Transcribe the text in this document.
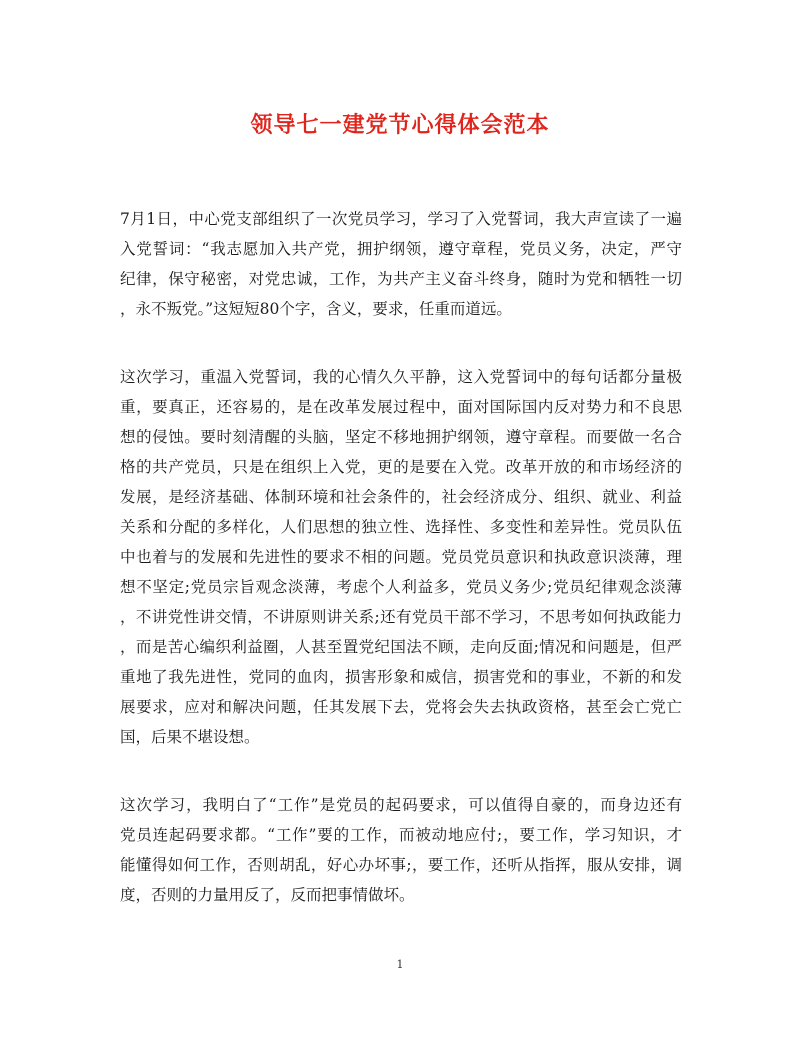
领导七一建党节心得体会范本
7月1日，中心党支部组织了一次党员学习，学习了入党誓词，我大声宣读了一遍
入党誓词：“我志愿加入共产党，拥护纲领，遵守章程，党员义务，决定，严守
纪律，保守秘密，对党忠诚，工作，为共产主义奋斗终身，随时为党和牺牲一切
，永不叛党。”这短短80个字，含义，要求，任重而道远。
这次学习，重温入党誓词，我的心情久久平静，这入党誓词中的每句话都分量极
重，要真正，还容易的，是在改革发展过程中，面对国际国内反对势力和不良思
想的侵蚀。要时刻清醒的头脑，坚定不移地拥护纲领，遵守章程。而要做一名合
格的共产党员，只是在组织上入党，更的是要在入党。改革开放的和市场经济的
发展，是经济基础、体制环境和社会条件的，社会经济成分、组织、就业、利益
关系和分配的多样化，人们思想的独立性、选择性、多变性和差异性。党员队伍
中也着与的发展和先进性的要求不相的问题。党员党员意识和执政意识淡薄，理
想不坚定;党员宗旨观念淡薄，考虑个人利益多，党员义务少;党员纪律观念淡薄
，不讲党性讲交情，不讲原则讲关系;还有党员干部不学习，不思考如何执政能力
，而是苦心编织利益圈，人甚至置党纪国法不顾，走向反面;情况和问题是，但严
重地了我先进性，党同的血肉，损害形象和威信，损害党和的事业，不新的和发
展要求，应对和解决问题，任其发展下去，党将会失去执政资格，甚至会亡党亡
国，后果不堪设想。
这次学习，我明白了“工作”是党员的起码要求，可以值得自豪的，而身边还有
党员连起码要求都。“工作”要的工作，而被动地应付;，要工作，学习知识，才
能懂得如何工作，否则胡乱，好心办坏事;，要工作，还听从指挥，服从安排，调
度，否则的力量用反了，反而把事情做坏。
1
